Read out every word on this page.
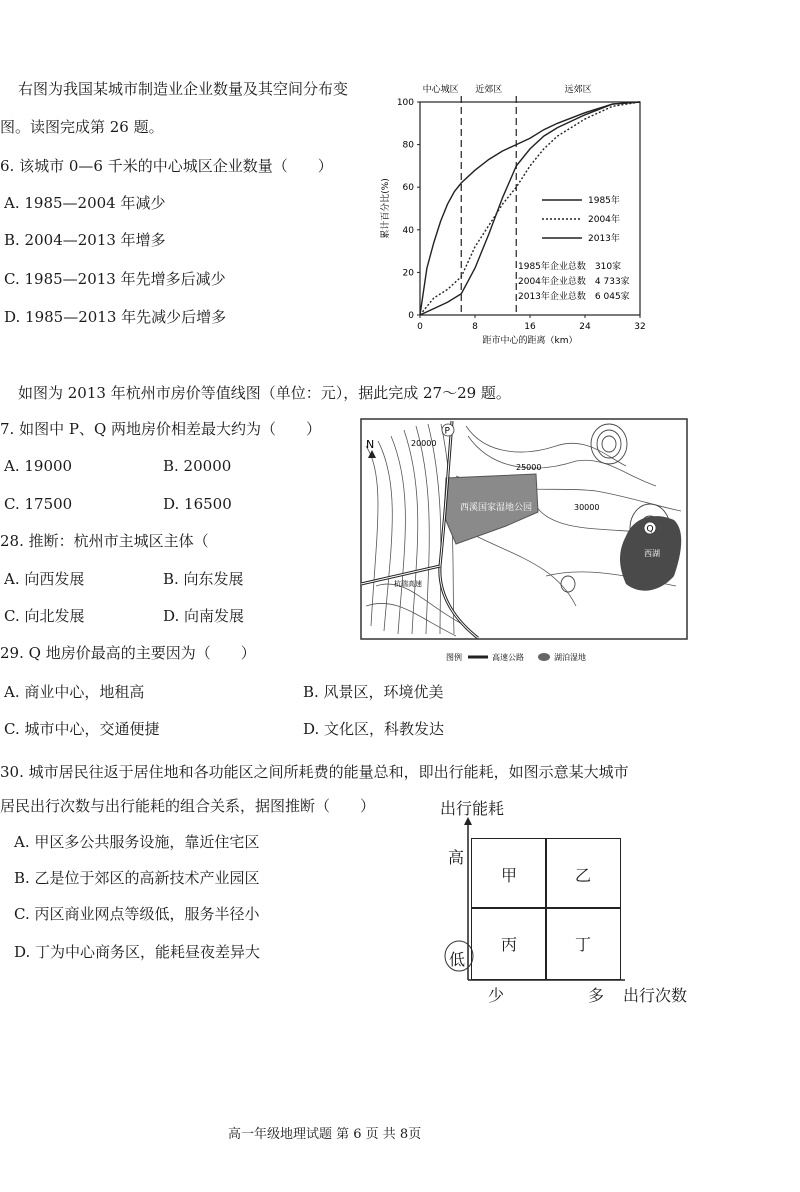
右图为我国某城市制造业企业数量及其空间分布变
图。读图完成第 26 题。
6. 该城市 0—6 千米的中心城区企业数量（　　）
A. 1985—2004 年减少
B. 2004—2013 年增多
C. 1985—2013 年先增多后减少
D. 1985—2013 年先减少后增多	0
20
40
60
80
100
0	8	16	24	32
距市中心的距离（km）
累计百分比(%)
中心城区 近郊区	远郊区
1985年
2004年
2013年
1985年企业总数　310家
2004年企业总数　4 733家
2013年企业总数　6 045家
如图为 2013 年杭州市房价等值线图（单位：元），据此完成 27～29 题。
7. 如图中 P、Q 两地房价相差最大约为（　　）
A. 19000	B. 20000
C. 17500	D. 16500
28. 推断：杭州市主城区主体（
A. 向西发展	B. 向东发展
C. 向北发展	D. 向南发展
29. Q 地房价最高的主要因为（　　）
A. 商业中心，地租高	B. 风景区，环境优美
C. 城市中心，交通便捷	D. 文化区，科教发达
N	20000
25000
30000
P
Q
西溪国家湿地公园
西湖
杭瑞高速
图例	高速公路	湖泊湿地
30. 城市居民往返于居住地和各功能区之间所耗费的能量总和，即出行能耗，如图示意某大城市
居民出行次数与出行能耗的组合关系，据图推断（　　）
A. 甲区多公共服务设施，靠近住宅区
B. 乙是位于郊区的高新技术产业园区
C. 丙区商业网点等级低，服务半径小
D. 丁为中心商务区，能耗昼夜差异大
出行能耗
出行次数
高
低
少	多
甲	乙
丙	丁
高一年级地理试题 第 6 页 共 8页
